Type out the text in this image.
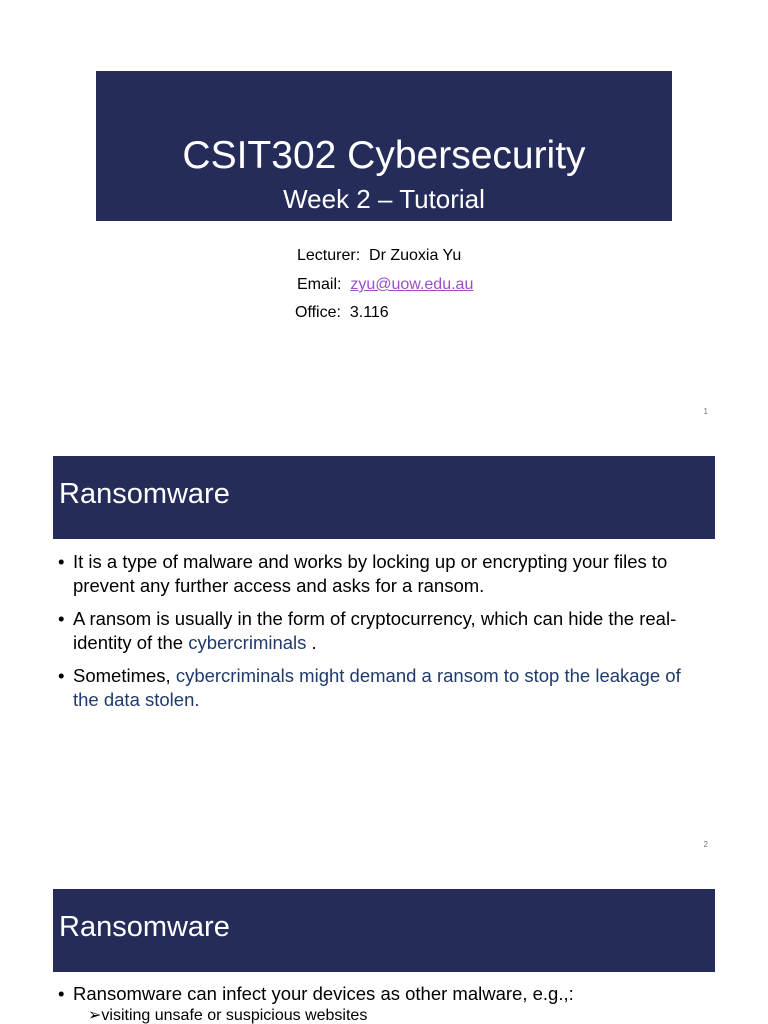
CSIT302 Cybersecurity
Week 2 – Tutorial
Lecturer: Dr Zuoxia Yu
Email: zyu@uow.edu.au
Office: 3.116
1
Ransomware
• It is a type of malware and works by locking up or encrypting your files to prevent any further access and asks for a ransom.
• A ransom is usually in the form of cryptocurrency, which can hide the real-identity of the cybercriminals .
• Sometimes, cybercriminals might demand a ransom to stop the leakage of the data stolen.
2
Ransomware
• Ransomware can infect your devices as other malware, e.g.,:
➢visiting unsafe or suspicious websites
